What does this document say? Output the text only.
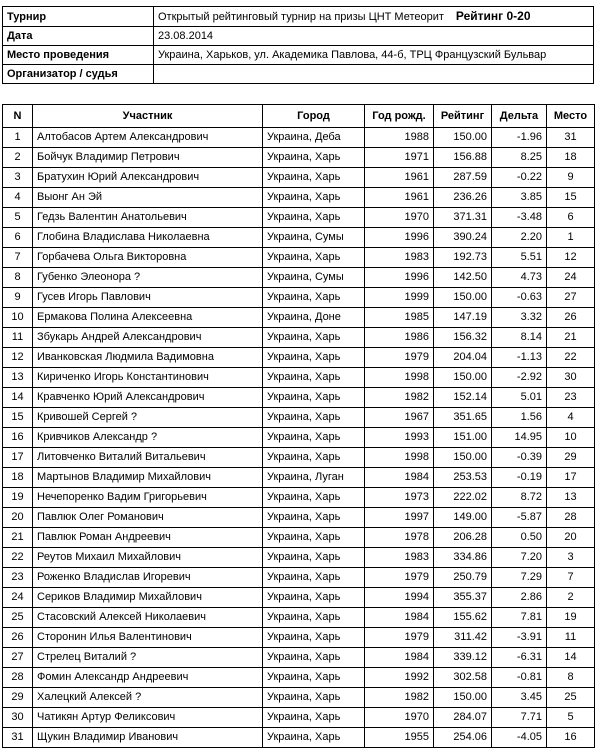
Турнир	Открытый рейтинговый турнир на призы ЦНТ Метеорит Рейтинг 0-20
Дата	23.08.2014
Место проведения	Украина, Харьков, ул. Академика Павлова, 44-б, ТРЦ Французский Бульвар
Организатор / судья	
N	Участник	Город	Год рожд.	Рейтинг	Дельта	Место
1	Алтобасов Артем Александрович	Украина, Деба	1988	150.00	-1.96	31
2	Бойчук Владимир Петрович	Украина, Харь	1971	156.88	8.25	18
3	Братухин Юрий Александрович	Украина, Харь	1961	287.59	-0.22	9
4	Выонг Ан Эй	Украина, Харь	1961	236.26	3.85	15
5	Гедзь Валентин Анатольевич	Украина, Харь	1970	371.31	-3.48	6
6	Глобина Владислава Николаевна	Украина, Сумы	1996	390.24	2.20	1
7	Горбачева Ольга Викторовна	Украина, Харь	1983	192.73	5.51	12
8	Губенко Элеонора ?	Украина, Сумы	1996	142.50	4.73	24
9	Гусев Игорь Павлович	Украина, Харь	1999	150.00	-0.63	27
10	Ермакова Полина Алексеевна	Украина, Доне	1985	147.19	3.32	26
11	Збукарь Андрей Александрович	Украина, Харь	1986	156.32	8.14	21
12	Иванковская Людмила Вадимовна	Украина, Харь	1979	204.04	-1.13	22
13	Кириченко Игорь Константинович	Украина, Харь	1998	150.00	-2.92	30
14	Кравченко Юрий Александрович	Украина, Харь	1982	152.14	5.01	23
15	Кривошей Сергей ?	Украина, Харь	1967	351.65	1.56	4
16	Кривчиков Александр ?	Украина, Харь	1993	151.00	14.95	10
17	Литовченко Виталий Витальевич	Украина, Харь	1998	150.00	-0.39	29
18	Мартынов Владимир Михайлович	Украина, Луган	1984	253.53	-0.19	17
19	Нечепоренко Вадим Григорьевич	Украина, Харь	1973	222.02	8.72	13
20	Павлюк Олег Романович	Украина, Харь	1997	149.00	-5.87	28
21	Павлюк Роман Андреевич	Украина, Харь	1978	206.28	0.50	20
22	Реутов Михаил Михайлович	Украина, Харь	1983	334.86	7.20	3
23	Роженко Владислав Игоревич	Украина, Харь	1979	250.79	7.29	7
24	Сериков Владимир Михайлович	Украина, Харь	1994	355.37	2.86	2
25	Стасовский Алексей Николаевич	Украина, Харь	1984	155.62	7.81	19
26	Сторонин Илья Валентинович	Украина, Харь	1979	311.42	-3.91	11
27	Стрелец Виталий ?	Украина, Харь	1984	339.12	-6.31	14
28	Фомин Александр Андреевич	Украина, Харь	1992	302.58	-0.81	8
29	Халецкий Алексей ?	Украина, Харь	1982	150.00	3.45	25
30	Чатикян Артур Феликсович	Украина, Харь	1970	284.07	7.71	5
31	Щукин Владимир Иванович	Украина, Харь	1955	254.06	-4.05	16
